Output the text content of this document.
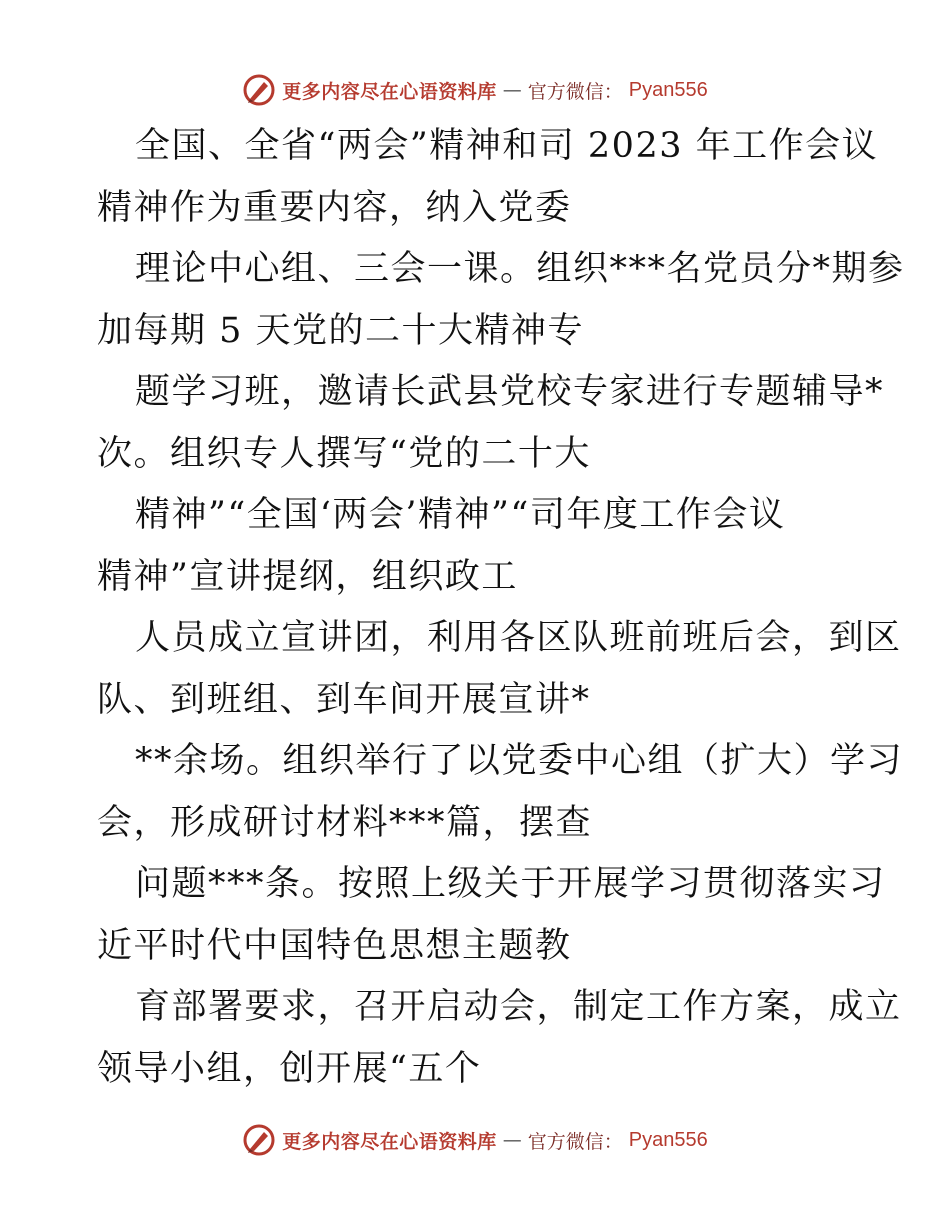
更多内容尽在心语资料库 — 官方微信： Pyan556
全国、全省“两会”精神和司 2023 年工作会议
精神作为重要内容，纳入党委
理论中心组、三会一课。组织***名党员分*期参
加每期 5 天党的二十大精神专
题学习班，邀请长武县党校专家进行专题辅导*
次。组织专人撰写“党的二十大
精神”“全国‘两会’精神”“司年度工作会议
精神”宣讲提纲，组织政工
人员成立宣讲团，利用各区队班前班后会，到区
队、到班组、到车间开展宣讲*
**余场。组织举行了以党委中心组（扩大）学习
会，形成研讨材料***篇，摆查
问题***条。按照上级关于开展学习贯彻落实习
近平时代中国特色思想主题教
育部署要求，召开启动会，制定工作方案，成立
领导小组，创开展“五个
更多内容尽在心语资料库 — 官方微信： Pyan556
